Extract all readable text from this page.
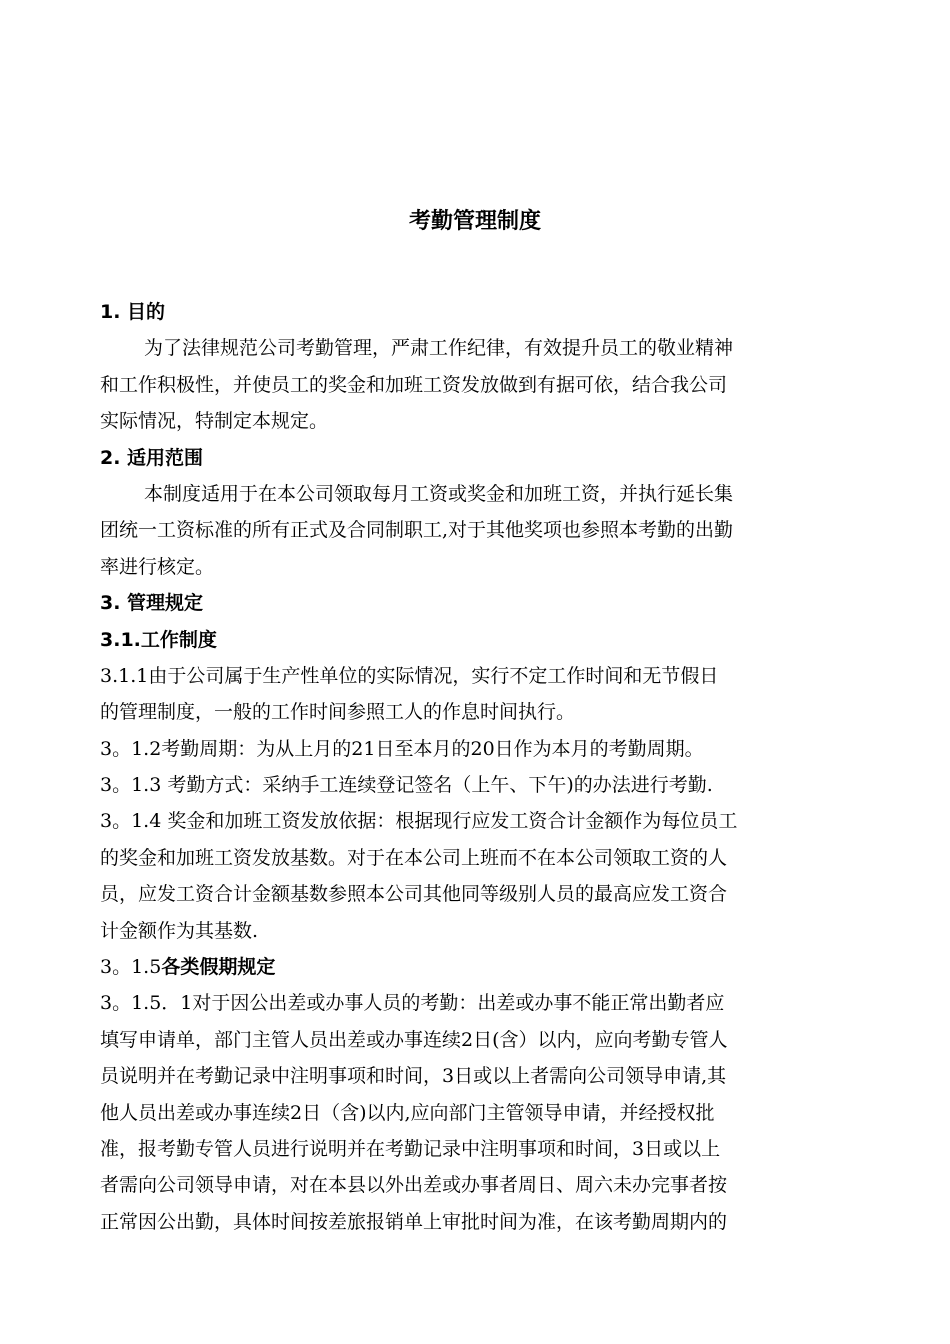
考勤管理制度
1. 目的
为了法律规范公司考勤管理，严肃工作纪律，有效提升员工的敬业精神
和工作积极性，并使员工的奖金和加班工资发放做到有据可依，结合我公司
实际情况，特制定本规定。
2. 适用范围
本制度适用于在本公司领取每月工资或奖金和加班工资，并执行延长集
团统一工资标准的所有正式及合同制职工,对于其他奖项也参照本考勤的出勤
率进行核定。
3. 管理规定
3.1.工作制度
3.1.1由于公司属于生产性单位的实际情况，实行不定工作时间和无节假日
的管理制度，一般的工作时间参照工人的作息时间执行。
3。1.2考勤周期：为从上月的21日至本月的20日作为本月的考勤周期。
3。1.3 考勤方式：采纳手工连续登记签名（上午、下午)的办法进行考勤.
3。1.4 奖金和加班工资发放依据：根据现行应发工资合计金额作为每位员工
的奖金和加班工资发放基数。对于在本公司上班而不在本公司领取工资的人
员，应发工资合计金额基数参照本公司其他同等级别人员的最高应发工资合
计金额作为其基数.
3。1.5各类假期规定
3。1.5．1对于因公出差或办事人员的考勤：出差或办事不能正常出勤者应
填写申请单，部门主管人员出差或办事连续2日(含）以内，应向考勤专管人
员说明并在考勤记录中注明事项和时间，3日或以上者需向公司领导申请,其
他人员出差或办事连续2日（含)以内,应向部门主管领导申请，并经授权批
准，报考勤专管人员进行说明并在考勤记录中注明事项和时间，3日或以上
者需向公司领导申请，对在本县以外出差或办事者周日、周六未办完事者按
正常因公出勤，具体时间按差旅报销单上审批时间为准，在该考勤周期内的
